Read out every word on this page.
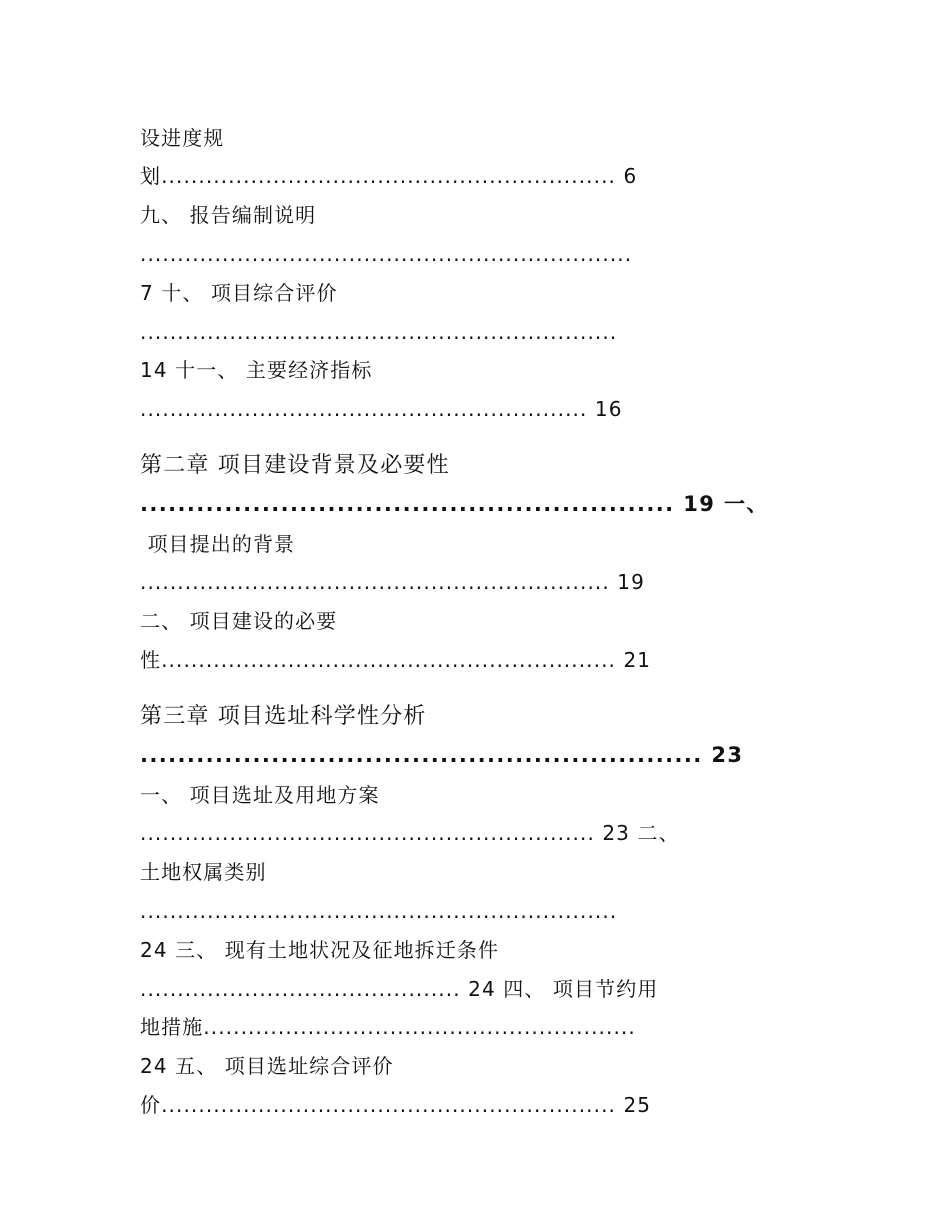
设进度规

划............................................................. 6

九、 报告编制说明

..................................................................

7 十、 项目综合评价

................................................................

14 十一、 主要经济指标

............................................................ 16

第二章 项目建设背景及必要性

......................................................... 19 一、

项目提出的背景

............................................................... 19

二、 项目建设的必要

性............................................................. 21

第三章 项目选址科学性分析

............................................................ 23

一、 项目选址及用地方案

............................................................. 23 二、

土地权属类别

................................................................

24 三、 现有土地状况及征地拆迁条件

........................................... 24 四、 项目节约用

地措施..........................................................

24 五、 项目选址综合评价

价............................................................. 25
